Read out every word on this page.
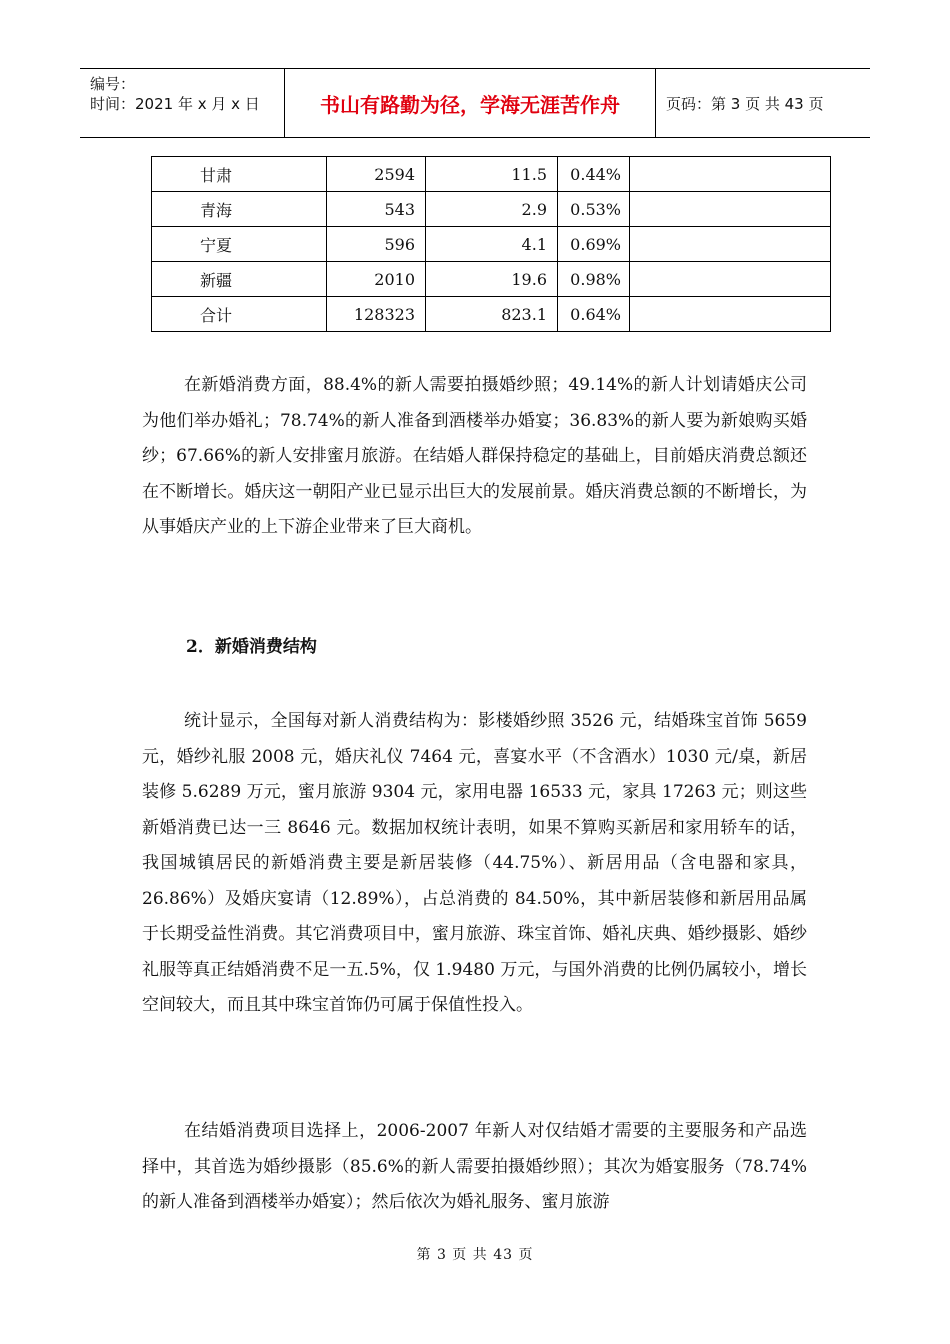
编号：
时间：2021 年 x 月 x 日	书山有路勤为径，学海无涯苦作舟	页码：第 3 页 共 43 页
甘肃	2594	11.5	0.44%	
青海	543	2.9	0.53%	
宁夏	596	4.1	0.69%	
新疆	2010	19.6	0.98%	
合计	128323	823.1	0.64%	
在新婚消费方面，88.4%的新人需要拍摄婚纱照；49.14%的新人计划请婚庆公司为他们举办婚礼；78.74%的新人准备到酒楼举办婚宴；36.83%的新人要为新娘购买婚纱；67.66%的新人安排蜜月旅游。在结婚人群保持稳定的基础上，目前婚庆消费总额还在不断增长。婚庆这一朝阳产业已显示出巨大的发展前景。婚庆消费总额的不断增长，为从事婚庆产业的上下游企业带来了巨大商机。
2．新婚消费结构
统计显示，全国每对新人消费结构为：影楼婚纱照 3526 元，结婚珠宝首饰 5659 元，婚纱礼服 2008 元，婚庆礼仪 7464 元，喜宴水平（不含酒水）1030 元/桌，新居装修 5.6289 万元，蜜月旅游 9304 元，家用电器 16533 元，家具 17263 元；则这些新婚消费已达一三 8646 元。数据加权统计表明，如果不算购买新居和家用轿车的话，我国城镇居民的新婚消费主要是新居装修（44.75%）、新居用品（含电器和家具，26.86%）及婚庆宴请（12.89%），占总消费的 84.50%，其中新居装修和新居用品属于长期受益性消费。其它消费项目中，蜜月旅游、珠宝首饰、婚礼庆典、婚纱摄影、婚纱礼服等真正结婚消费不足一五.5%，仅 1.9480 万元，与国外消费的比例仍属较小，增长空间较大，而且其中珠宝首饰仍可属于保值性投入。
在结婚消费项目选择上，2006-2007 年新人对仅结婚才需要的主要服务和产品选择中，其首选为婚纱摄影（85.6%的新人需要拍摄婚纱照）；其次为婚宴服务（78.74%的新人准备到酒楼举办婚宴）；然后依次为婚礼服务、蜜月旅游
第 3 页 共 43 页
